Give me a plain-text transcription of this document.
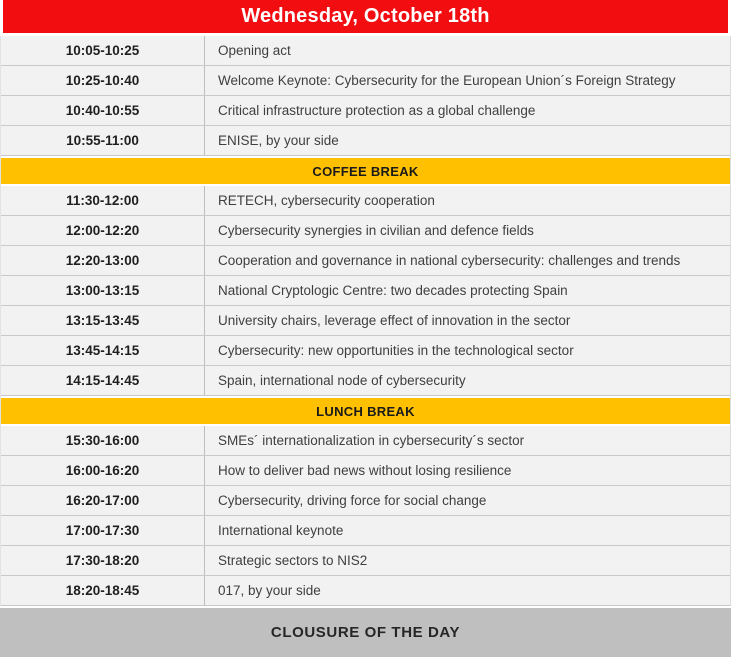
Wednesday, October 18th
10:05-10:25	Opening act
10:25-10:40	Welcome Keynote: Cybersecurity for the European Union´s Foreign Strategy
10:40-10:55	Critical infrastructure protection as a global challenge
10:55-11:00	ENISE, by your side
COFFEE BREAK
11:30-12:00	RETECH, cybersecurity cooperation
12:00-12:20	Cybersecurity synergies in civilian and defence fields
12:20-13:00	Cooperation and governance in national cybersecurity: challenges and trends
13:00-13:15	National Cryptologic Centre: two decades protecting Spain
13:15-13:45	University chairs, leverage effect of innovation in the sector
13:45-14:15	Cybersecurity: new opportunities in the technological sector
14:15-14:45	Spain, international node of cybersecurity
LUNCH BREAK
15:30-16:00	SMEs´ internationalization in cybersecurity´s sector
16:00-16:20	How to deliver bad news without losing resilience
16:20-17:00	Cybersecurity, driving force for social change
17:00-17:30	International keynote
17:30-18:20	Strategic sectors to NIS2
18:20-18:45	017, by your side
CLOUSURE OF THE DAY
